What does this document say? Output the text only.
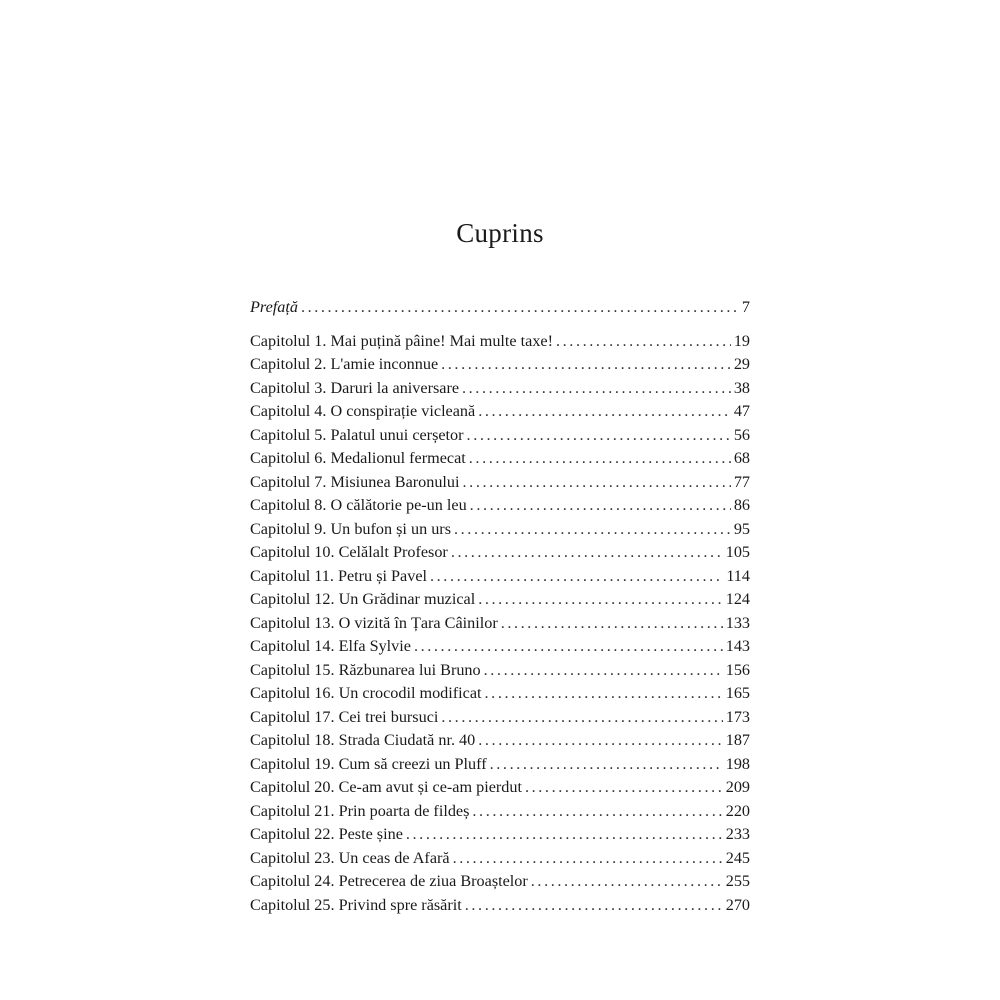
Cuprins
Prefață .....	7
Capitolul 1. Mai puțină pâine! Mai multe taxe! .....	19
Capitolul 2. L'amie inconnue .....	29
Capitolul 3. Daruri la aniversare .....	38
Capitolul 4. O conspirație vicleană .....	47
Capitolul 5. Palatul unui cerșetor .....	56
Capitolul 6. Medalionul fermecat .....	68
Capitolul 7. Misiunea Baronului .....	77
Capitolul 8. O călătorie pe-un leu .....	86
Capitolul 9. Un bufon și un urs .....	95
Capitolul 10. Celălalt Profesor .....	105
Capitolul 11. Petru și Pavel .....	114
Capitolul 12. Un Grădinar muzical .....	124
Capitolul 13. O vizită în Țara Câinilor .....	133
Capitolul 14. Elfa Sylvie .....	143
Capitolul 15. Răzbunarea lui Bruno .....	156
Capitolul 16. Un crocodil modificat .....	165
Capitolul 17. Cei trei bursuci .....	173
Capitolul 18. Strada Ciudată nr. 40 .....	187
Capitolul 19. Cum să creezi un Pluff .....	198
Capitolul 20. Ce-am avut și ce-am pierdut .....	209
Capitolul 21. Prin poarta de fildeș .....	220
Capitolul 22. Peste șine .....	233
Capitolul 23. Un ceas de Afară .....	245
Capitolul 24. Petrecerea de ziua Broaștelor .....	255
Capitolul 25. Privind spre răsărit .....	270
